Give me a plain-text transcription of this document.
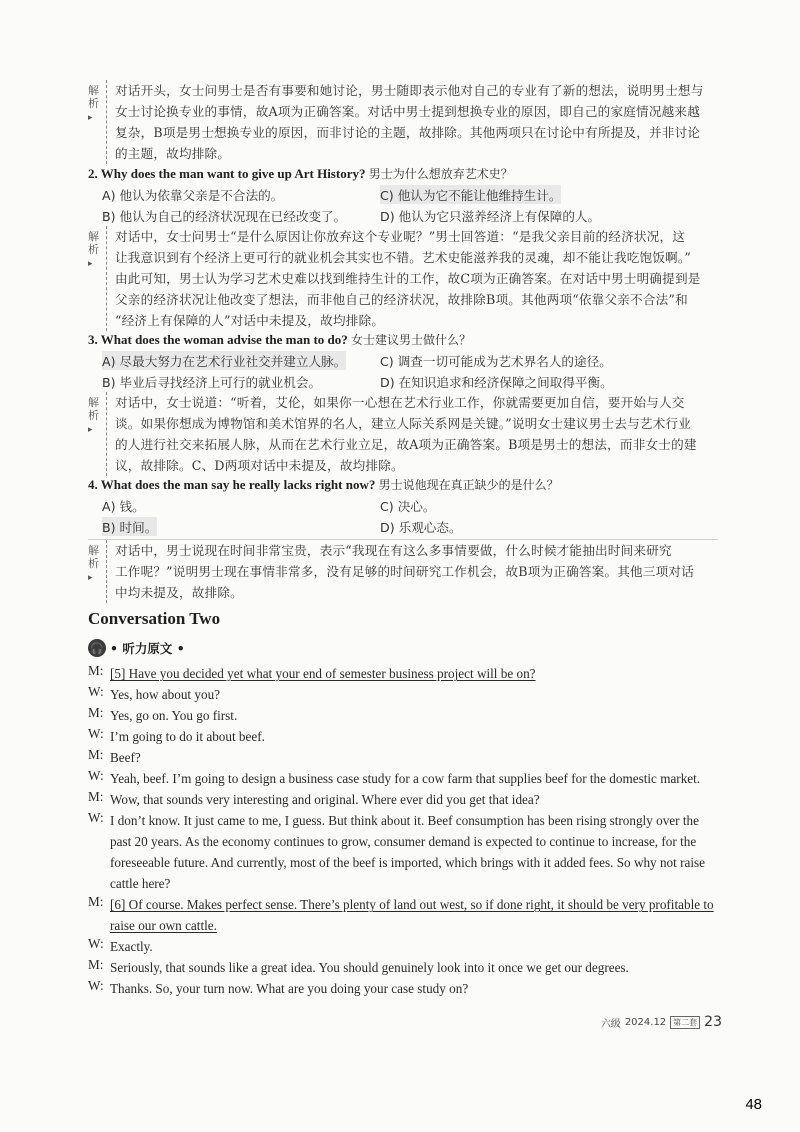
解析▸
对话开头，女士问男士是否有事要和她讨论，男士随即表示他对自己的专业有了新的想法，说明男士想与
女士讨论换专业的事情，故A项为正确答案。对话中男士提到想换专业的原因，即自己的家庭情况越来越
复杂，B项是男士想换专业的原因，而非讨论的主题，故排除。其他两项只在讨论中有所提及，并非讨论
的主题，故均排除。
2. Why does the man want to give up Art History? 男士为什么想放弃艺术史？
A) 他认为依靠父亲是不合法的。	C) 他认为它不能让他维持生计。
B) 他认为自己的经济状况现在已经改变了。	D) 他认为它只滋养经济上有保障的人。
解析▸
对话中，女士问男士“是什么原因让你放弃这个专业呢？”男士回答道：“是我父亲目前的经济状况，这
让我意识到有个经济上更可行的就业机会其实也不错。艺术史能滋养我的灵魂，却不能让我吃饱饭啊。”
由此可知，男士认为学习艺术史难以找到维持生计的工作，故C项为正确答案。在对话中男士明确提到是
父亲的经济状况让他改变了想法，而非他自己的经济状况，故排除B项。其他两项“依靠父亲不合法”和
“经济上有保障的人”对话中未提及，故均排除。
3. What does the woman advise the man to do? 女士建议男士做什么？
A) 尽最大努力在艺术行业社交并建立人脉。	C) 调查一切可能成为艺术界名人的途径。
B) 毕业后寻找经济上可行的就业机会。	D) 在知识追求和经济保障之间取得平衡。
解析▸
对话中，女士说道：“听着，艾伦，如果你一心想在艺术行业工作，你就需要更加自信，要开始与人交
谈。如果你想成为博物馆和美术馆界的名人，建立人际关系网是关键。”说明女士建议男士去与艺术行业
的人进行社交来拓展人脉，从而在艺术行业立足，故A项为正确答案。B项是男士的想法，而非女士的建
议，故排除。C、D两项对话中未提及，故均排除。
4. What does the man say he really lacks right now? 男士说他现在真正缺少的是什么？
A) 钱。	C) 决心。
B) 时间。	D) 乐观心态。
解析▸
对话中，男士说现在时间非常宝贵，表示“我现在有这么多事情要做，什么时候才能抽出时间来研究
工作呢？”说明男士现在事情非常多，没有足够的时间研究工作机会，故B项为正确答案。其他三项对话
中均未提及，故排除。
Conversation Two
🎧 • 听力原文 •
M: [5] Have you decided yet what your end of semester business project will be on?
W: Yes, how about you?
M: Yes, go on. You go first.
W: I’m going to do it about beef.
M: Beef?
W: Yeah, beef. I’m going to design a business case study for a cow farm that supplies beef for the domestic market.
M: Wow, that sounds very interesting and original. Where ever did you get that idea?
W: I don’t know. It just came to me, I guess. But think about it. Beef consumption has been rising strongly over the
past 20 years. As the economy continues to grow, consumer demand is expected to continue to increase, for the
foreseeable future. And currently, most of the beef is imported, which brings with it added fees. So why not raise
cattle here?
M: [6] Of course. Makes perfect sense. There’s plenty of land out west, so if done right, it should be very profitable to
raise our own cattle.
W: Exactly.
M: Seriously, that sounds like a great idea. You should genuinely look into it once we get our degrees.
W: Thanks. So, your turn now. What are you doing your case study on?
六级 2024.12 第二套 23
48
